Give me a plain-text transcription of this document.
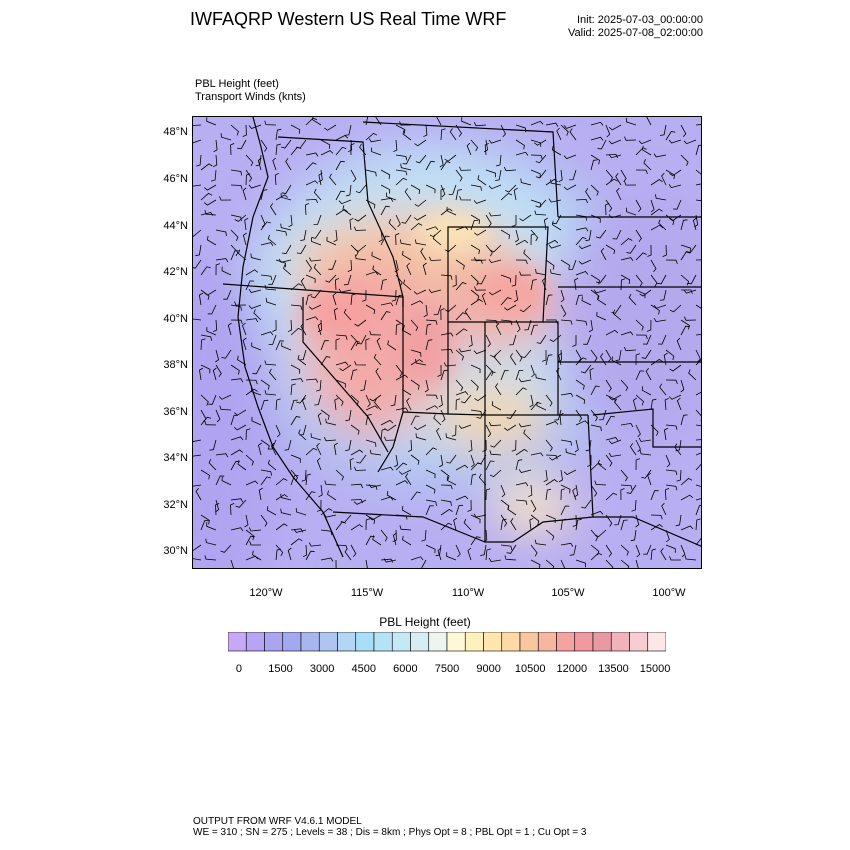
IWFAQRP Western US Real Time WRF	Init: 2025-07-03_00:00:00
Valid: 2025-07-08_02:00:00
PBL Height (feet)
Transport Winds (knts)
48°N
46°N
44°N
42°N
40°N
38°N
36°N
34°N
32°N
30°N
120°W	115°W	110°W	105°W	100°W
PBL Height (feet)
0 1500 3000 4500 6000 7500 9000 10500 12000 13500 15000
OUTPUT FROM WRF V4.6.1 MODEL
WE = 310 ; SN = 275 ; Levels = 38 ; Dis = 8km ; Phys Opt = 8 ; PBL Opt = 1 ; Cu Opt = 3
